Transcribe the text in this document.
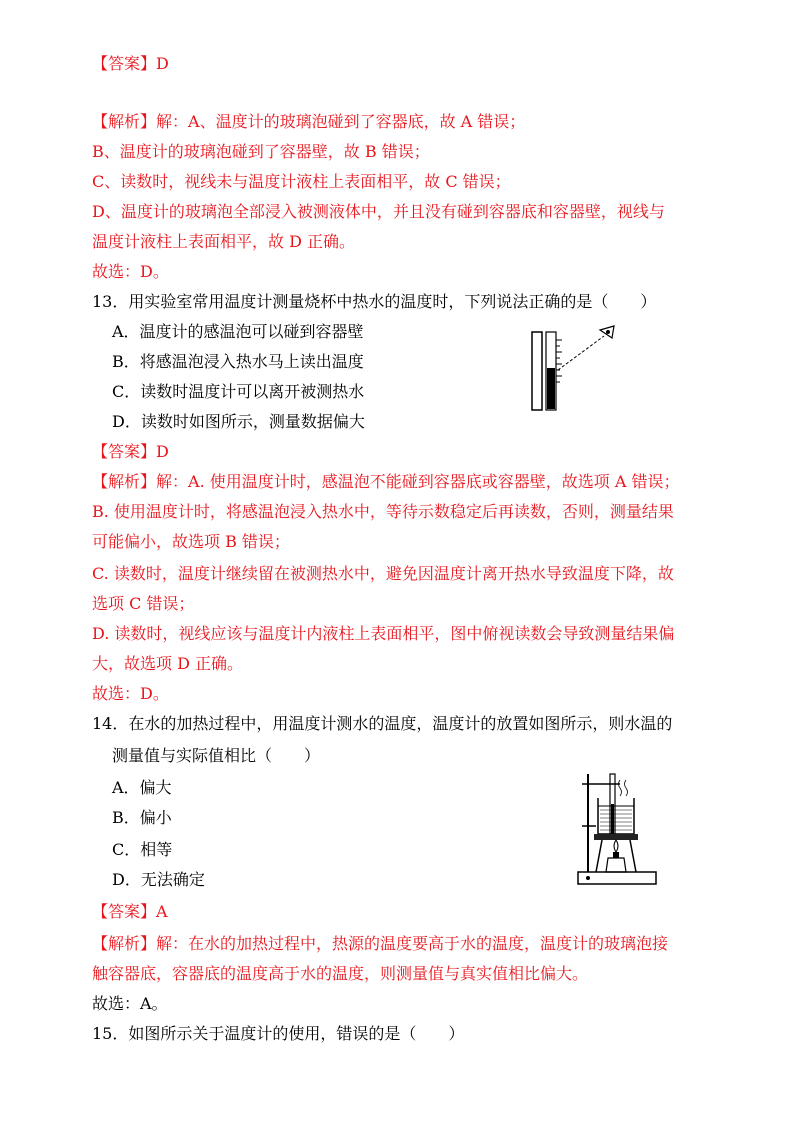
【答案】D
【解析】解：A、温度计的玻璃泡碰到了容器底，故 A 错误；
B、温度计的玻璃泡碰到了容器壁，故 B 错误；
C、读数时，视线未与温度计液柱上表面相平，故 C 错误；
D、温度计的玻璃泡全部浸入被测液体中，并且没有碰到容器底和容器壁，视线与
温度计液柱上表面相平，故 D 正确。
故选：D。
13．用实验室常用温度计测量烧杯中热水的温度时，下列说法正确的是（　　）
A．温度计的感温泡可以碰到容器壁
B．将感温泡浸入热水马上读出温度
C．读数时温度计可以离开被测热水
D．读数时如图所示，测量数据偏大
【答案】D
【解析】解：A. 使用温度计时，感温泡不能碰到容器底或容器壁，故选项 A 错误；
B. 使用温度计时，将感温泡浸入热水中，等待示数稳定后再读数，否则，测量结果
可能偏小，故选项 B 错误；
C. 读数时，温度计继续留在被测热水中，避免因温度计离开热水导致温度下降，故
选项 C 错误；
D. 读数时，视线应该与温度计内液柱上表面相平，图中俯视读数会导致测量结果偏
大，故选项 D 正确。
故选：D。
14．在水的加热过程中，用温度计测水的温度，温度计的放置如图所示，则水温的
测量值与实际值相比（　　）
A．偏大
B．偏小
C．相等
D．无法确定
【答案】A
【解析】解：在水的加热过程中，热源的温度要高于水的温度，温度计的玻璃泡接
触容器底，容器底的温度高于水的温度，则测量值与真实值相比偏大。
故选：A。
15．如图所示关于温度计的使用，错误的是（　　）
